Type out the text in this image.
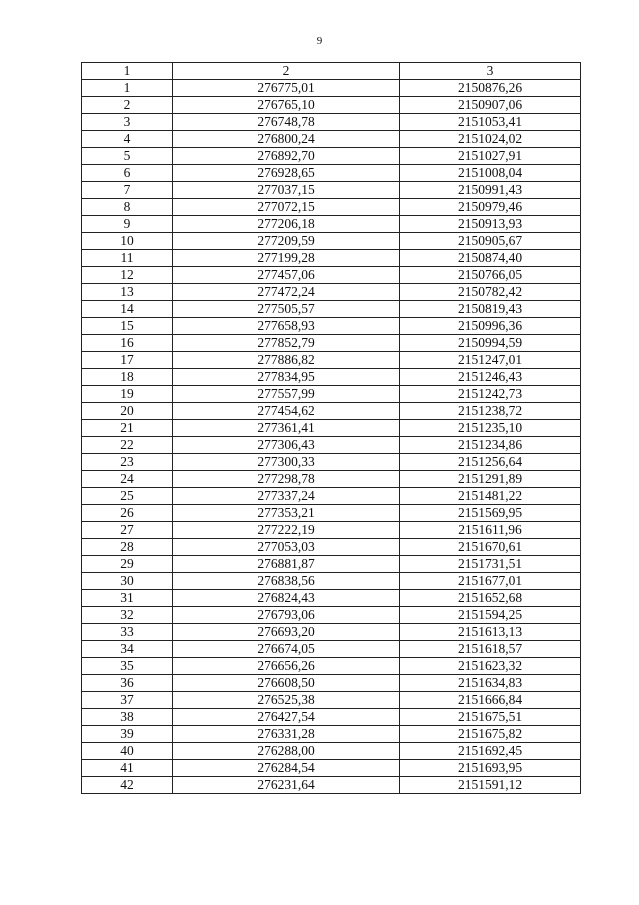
9
1	2	3
1	276775,01	2150876,26
2	276765,10	2150907,06
3	276748,78	2151053,41
4	276800,24	2151024,02
5	276892,70	2151027,91
6	276928,65	2151008,04
7	277037,15	2150991,43
8	277072,15	2150979,46
9	277206,18	2150913,93
10	277209,59	2150905,67
11	277199,28	2150874,40
12	277457,06	2150766,05
13	277472,24	2150782,42
14	277505,57	2150819,43
15	277658,93	2150996,36
16	277852,79	2150994,59
17	277886,82	2151247,01
18	277834,95	2151246,43
19	277557,99	2151242,73
20	277454,62	2151238,72
21	277361,41	2151235,10
22	277306,43	2151234,86
23	277300,33	2151256,64
24	277298,78	2151291,89
25	277337,24	2151481,22
26	277353,21	2151569,95
27	277222,19	2151611,96
28	277053,03	2151670,61
29	276881,87	2151731,51
30	276838,56	2151677,01
31	276824,43	2151652,68
32	276793,06	2151594,25
33	276693,20	2151613,13
34	276674,05	2151618,57
35	276656,26	2151623,32
36	276608,50	2151634,83
37	276525,38	2151666,84
38	276427,54	2151675,51
39	276331,28	2151675,82
40	276288,00	2151692,45
41	276284,54	2151693,95
42	276231,64	2151591,12
